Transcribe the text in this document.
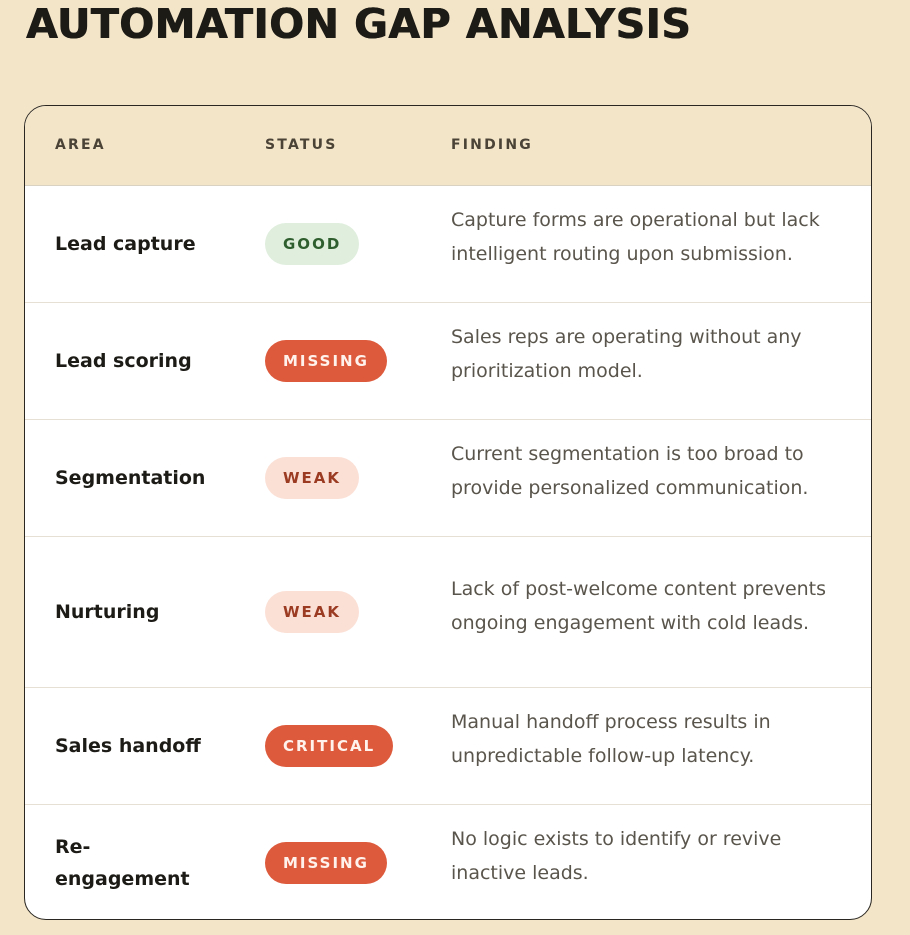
AUTOMATION GAP ANALYSIS
AREA	STATUS	FINDING

Lead capture	GOOD	Capture forms are operational but lack intelligent routing upon submission.

Lead scoring	MISSING	Sales reps are operating without any prioritization model.

Segmentation	WEAK	Current segmentation is too broad to provide personalized communication.

Nurturing	WEAK	Lack of post-welcome content prevents ongoing engagement with cold leads.

Sales handoff	CRITICAL	Manual handoff process results in unpredictable follow-up latency.

Re-engagement	MISSING	No logic exists to identify or revive inactive leads.
